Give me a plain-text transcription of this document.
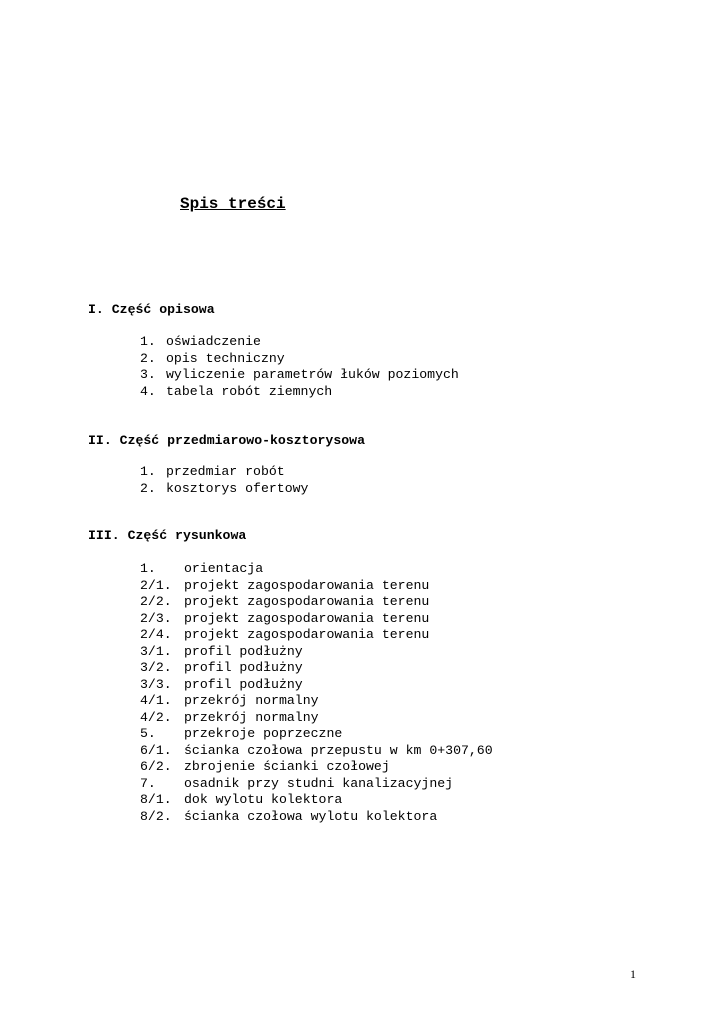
Spis treści
I. Część opisowa
1. oświadczenie
2. opis techniczny
3. wyliczenie parametrów łuków poziomych
4. tabela robót ziemnych
II. Część przedmiarowo-kosztorysowa
1. przedmiar robót
2. kosztorys ofertowy
III. Część rysunkowa
1. orientacja
2/1. projekt zagospodarowania terenu
2/2. projekt zagospodarowania terenu
2/3. projekt zagospodarowania terenu
2/4. projekt zagospodarowania terenu
3/1. profil podłużny
3/2. profil podłużny
3/3. profil podłużny
4/1. przekrój normalny
4/2. przekrój normalny
5. przekroje poprzeczne
6/1. ścianka czołowa przepustu w km 0+307,60
6/2. zbrojenie ścianki czołowej
7. osadnik przy studni kanalizacyjnej
8/1. dok wylotu kolektora
8/2. ścianka czołowa wylotu kolektora
1
